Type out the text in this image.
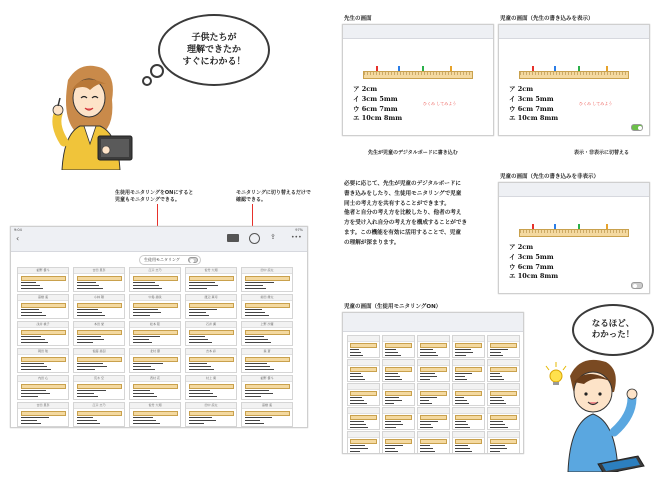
子供たちが
理解できたか
すぐにわかる！
生徒用モニタリングをONにすると
児童もモニタリングできる。
モニタリングに切り替えるだけで
確認できる。
9:04	97%
‹	⇪	•••
生徒用モニタリング
姫野 優斗	吉田 里奈	江口 志乃	佐竹 大翔	田中 涼太
高橋 遥	小林 陽	中島 美咲	渡辺 真司	前田 健太
浅井 桃子	本田 愛	松本 陸	石井 翼	上野 沙羅
岡田 航	佐藤 美羽	北村 優	吉本 彩	森 蒼
内田 心	荒木 空	西村 花	村上 奏	姫野 優斗
吉田 里奈	江口 志乃	佐竹 大翔	田中 涼太	高橋 遥
先生の画面
ア 2cm
イ 3cm 5mm
ウ 6cm 7mm
エ 10cm 8mm
ひくみ してみよう
先生が児童のデジタルボードに書き込む
児童の画面（先生の書き込みを表示）
ア 2cm
イ 3cm 5mm
ウ 6cm 7mm
エ 10cm 8mm
ひくみ してみよう
表示・非表示に切替える
必要に応じて、先生が児童のデジタルボードに
書き込みをしたり、生徒用モニタリングで児童
同士の考え方を共有することができます。
他者と自分の考え方を比較したり、他者の考え
方を受け入れ自分の考え方を構成することができ
ます。この機能を有効に活用することで、児童
の理解が深まります。
児童の画面（先生の書き込みを非表示）
ア 2cm
イ 3cm 5mm
ウ 6cm 7mm
エ 10cm 8mm
児童の画面（生徒用モニタリングON）
なるほど、
わかった！
